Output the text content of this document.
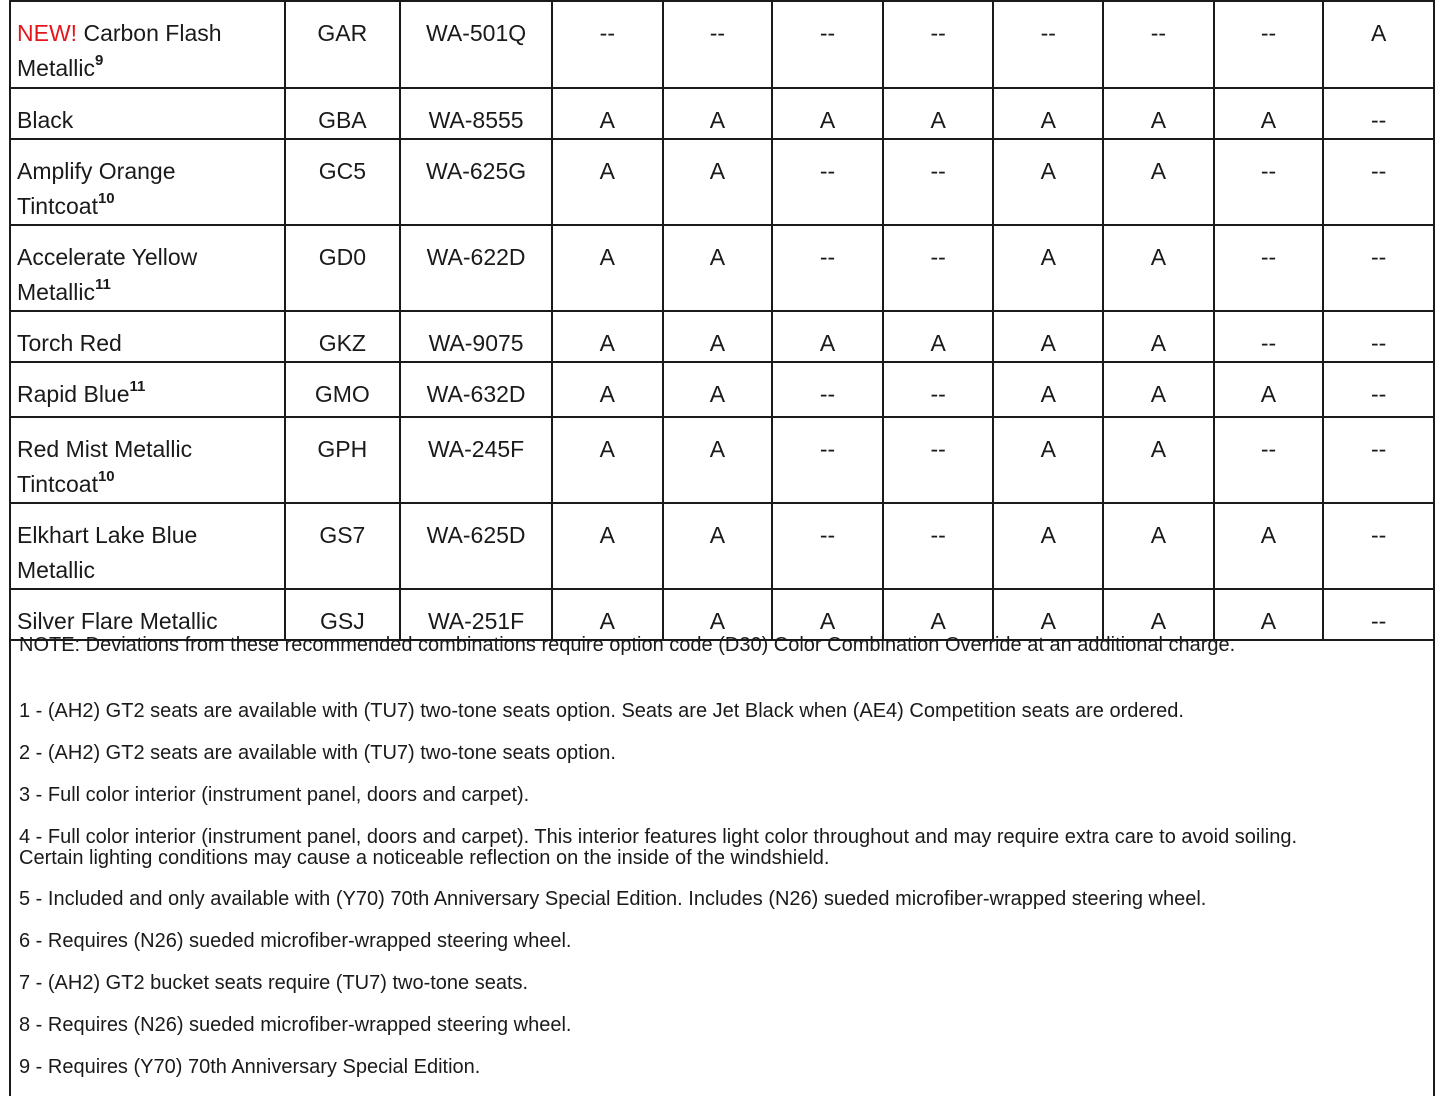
NEW! Carbon Flash
Metallic$^9$	GAR	WA-501Q	--	--	--	--	--	--	--	A

Black	GBA	WA-8555	A	A	A	A	A	A	A	--

Amplify Orange
Tintcoat$^{10}$	GC5	WA-625G	A	A	--	--	A	A	--	--

Accelerate Yellow
Metallic$^{11}$	GD0	WA-622D	A	A	--	--	A	A	--	--

Torch Red	GKZ	WA-9075	A	A	A	A	A	A	--	--

Rapid Blue$^{11}$	GMO	WA-632D	A	A	--	--	A	A	A	--

Red Mist Metallic
Tintcoat$^{10}$	GPH	WA-245F	A	A	--	--	A	A	--	--

Elkhart Lake Blue
Metallic	GS7	WA-625D	A	A	--	--	A	A	A	--

Silver Flare Metallic	GSJ	WA-251F	A	A	A	A	A	A	A	--
NOTE: Deviations from these recommended combinations require option code (D30) Color Combination Override at an additional charge.
1 - (AH2) GT2 seats are available with (TU7) two-tone seats option. Seats are Jet Black when (AE4) Competition seats are ordered.
2 - (AH2) GT2 seats are available with (TU7) two-tone seats option.
3 - Full color interior (instrument panel, doors and carpet).
4 - Full color interior (instrument panel, doors and carpet). This interior features light color throughout and may require extra care to avoid soiling.
Certain lighting conditions may cause a noticeable reflection on the inside of the windshield.
5 - Included and only available with (Y70) 70th Anniversary Special Edition. Includes (N26) sueded microfiber-wrapped steering wheel.
6 - Requires (N26) sueded microfiber-wrapped steering wheel.
7 - (AH2) GT2 bucket seats require (TU7) two-tone seats.
8 - Requires (N26) sueded microfiber-wrapped steering wheel.
9 - Requires (Y70) 70th Anniversary Special Edition.
